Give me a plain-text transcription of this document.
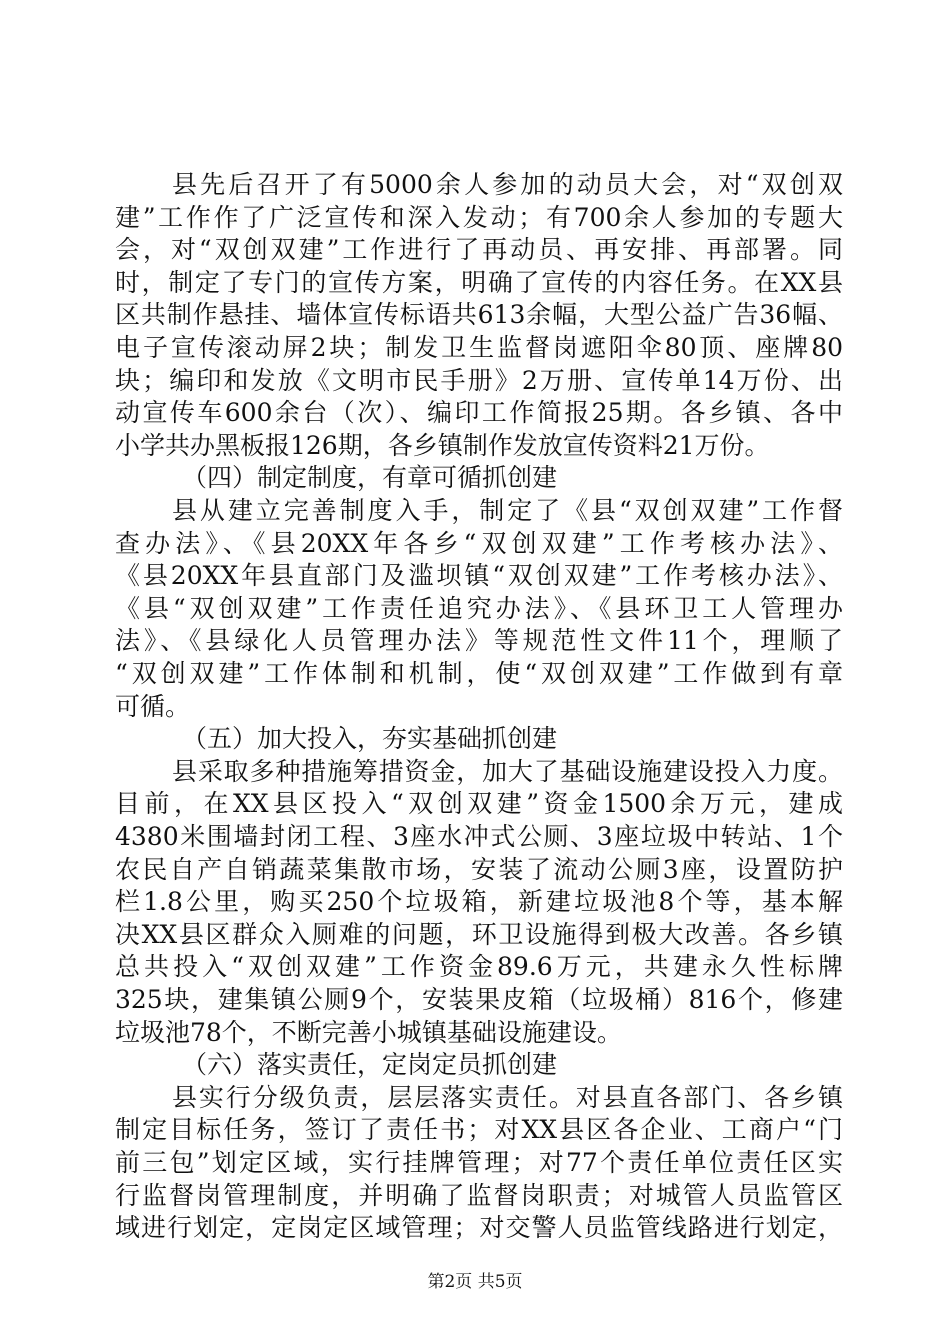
县先后召开了有5000余人参加的动员大会，对“双创双
建”工作作了广泛宣传和深入发动；有700余人参加的专题大
会，对“双创双建”工作进行了再动员、再安排、再部署。同
时，制定了专门的宣传方案，明确了宣传的内容任务。在XX县
区共制作悬挂、墙体宣传标语共613余幅，大型公益广告36幅、
电子宣传滚动屏2块；制发卫生监督岗遮阳伞80顶、座牌80
块；编印和发放《文明市民手册》2万册、宣传单14万份、出
动宣传车600余台（次）、编印工作简报25期。各乡镇、各中
小学共办黑板报126期，各乡镇制作发放宣传资料21万份。
（四）制定制度，有章可循抓创建
县从建立完善制度入手，制定了《县“双创双建”工作督
查办法》、《县20XX年各乡“双创双建”工作考核办法》、
《县20XX年县直部门及滥坝镇“双创双建”工作考核办法》、
《县“双创双建”工作责任追究办法》、《县环卫工人管理办
法》、《县绿化人员管理办法》等规范性文件11个，理顺了
“双创双建”工作体制和机制，使“双创双建”工作做到有章
可循。
（五）加大投入，夯实基础抓创建
县采取多种措施筹措资金，加大了基础设施建设投入力度。
目前，在XX县区投入“双创双建”资金1500余万元，建成
4380米围墙封闭工程、3座水冲式公厕、3座垃圾中转站、1个
农民自产自销蔬菜集散市场，安装了流动公厕3座，设置防护
栏1.8公里，购买250个垃圾箱，新建垃圾池8个等，基本解
决XX县区群众入厕难的问题，环卫设施得到极大改善。各乡镇
总共投入“双创双建”工作资金89.6万元，共建永久性标牌
325块，建集镇公厕9个，安装果皮箱（垃圾桶）816个，修建
垃圾池78个，不断完善小城镇基础设施建设。
（六）落实责任，定岗定员抓创建
县实行分级负责，层层落实责任。对县直各部门、各乡镇
制定目标任务，签订了责任书；对XX县区各企业、工商户“门
前三包”划定区域，实行挂牌管理；对77个责任单位责任区实
行监督岗管理制度，并明确了监督岗职责；对城管人员监管区
域进行划定，定岗定区域管理；对交警人员监管线路进行划定，
第2页 共5页
